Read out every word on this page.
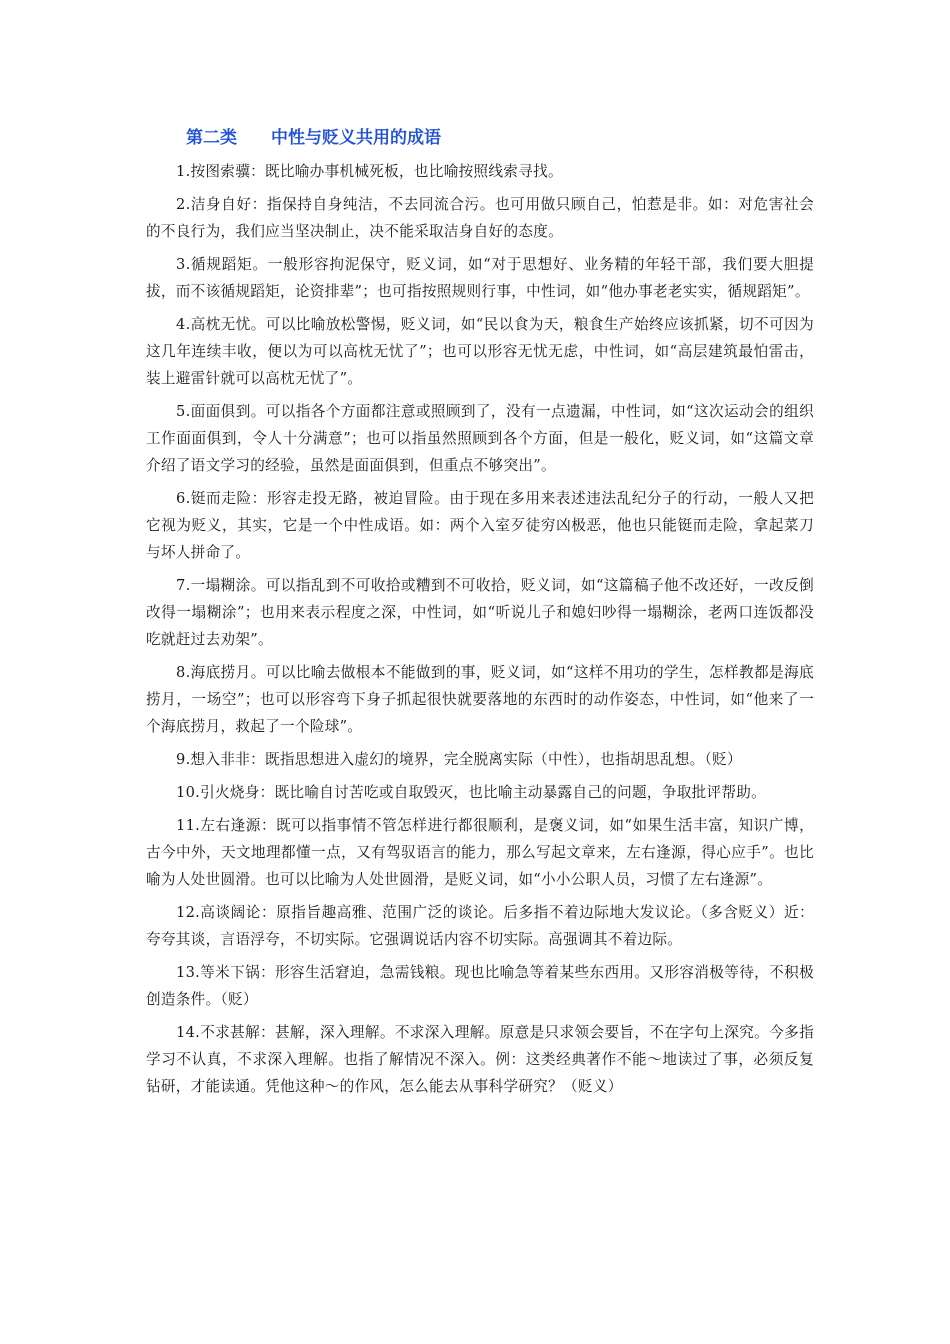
第二类 中性与贬义共用的成语

1.按图索骥：既比喻办事机械死板，也比喻按照线索寻找。

2.洁身自好：指保持自身纯洁，不去同流合污。也可用做只顾自己，怕惹是非。如：对危害社会的不良行为，我们应当坚决制止，决不能采取洁身自好的态度。

3.循规蹈矩。一般形容拘泥保守，贬义词，如“对于思想好、业务精的年轻干部，我们要大胆提拔，而不该循规蹈矩，论资排辈”；也可指按照规则行事，中性词，如“他办事老老实实，循规蹈矩”。

4.高枕无忧。可以比喻放松警惕，贬义词，如“民以食为天，粮食生产始终应该抓紧，切不可因为这几年连续丰收，便以为可以高枕无忧了”；也可以形容无忧无虑，中性词，如“高层建筑最怕雷击，装上避雷针就可以高枕无忧了”。

5.面面俱到。可以指各个方面都注意或照顾到了，没有一点遗漏，中性词，如“这次运动会的组织工作面面俱到，令人十分满意”；也可以指虽然照顾到各个方面，但是一般化，贬义词，如“这篇文章介绍了语文学习的经验，虽然是面面俱到，但重点不够突出”。

6.铤而走险：形容走投无路，被迫冒险。由于现在多用来表述违法乱纪分子的行动，一般人又把它视为贬义，其实，它是一个中性成语。如：两个入室歹徒穷凶极恶，他也只能铤而走险，拿起菜刀与坏人拼命了。

7.一塌糊涂。可以指乱到不可收拾或糟到不可收拾，贬义词，如“这篇稿子他不改还好，一改反倒改得一塌糊涂”；也用来表示程度之深，中性词，如“听说儿子和媳妇吵得一塌糊涂，老两口连饭都没吃就赶过去劝架”。

8.海底捞月。可以比喻去做根本不能做到的事，贬义词，如“这样不用功的学生，怎样教都是海底捞月，一场空”；也可以形容弯下身子抓起很快就要落地的东西时的动作姿态，中性词，如“他来了一个海底捞月，救起了一个险球”。

9.想入非非：既指思想进入虚幻的境界，完全脱离实际（中性），也指胡思乱想。（贬）

10.引火烧身：既比喻自讨苦吃或自取毁灭，也比喻主动暴露自己的问题，争取批评帮助。

11.左右逢源：既可以指事情不管怎样进行都很顺利，是褒义词，如“如果生活丰富，知识广博，古今中外，天文地理都懂一点，又有驾驭语言的能力，那么写起文章来，左右逢源，得心应手”。也比喻为人处世圆滑。也可以比喻为人处世圆滑，是贬义词，如“小小公职人员，习惯了左右逢源”。

12.高谈阔论：原指旨趣高雅、范围广泛的谈论。后多指不着边际地大发议论。（多含贬义）近：夸夸其谈，言语浮夸，不切实际。它强调说话内容不切实际。高强调其不着边际。

13.等米下锅：形容生活窘迫，急需钱粮。现也比喻急等着某些东西用。又形容消极等待，不积极创造条件。（贬）

14.不求甚解：甚解，深入理解。不求深入理解。原意是只求领会要旨，不在字句上深究。今多指学习不认真，不求深入理解。也指了解情况不深入。例：这类经典著作不能～地读过了事，必须反复钻研，才能读通。凭他这种～的作风，怎么能去从事科学研究？（贬义）
